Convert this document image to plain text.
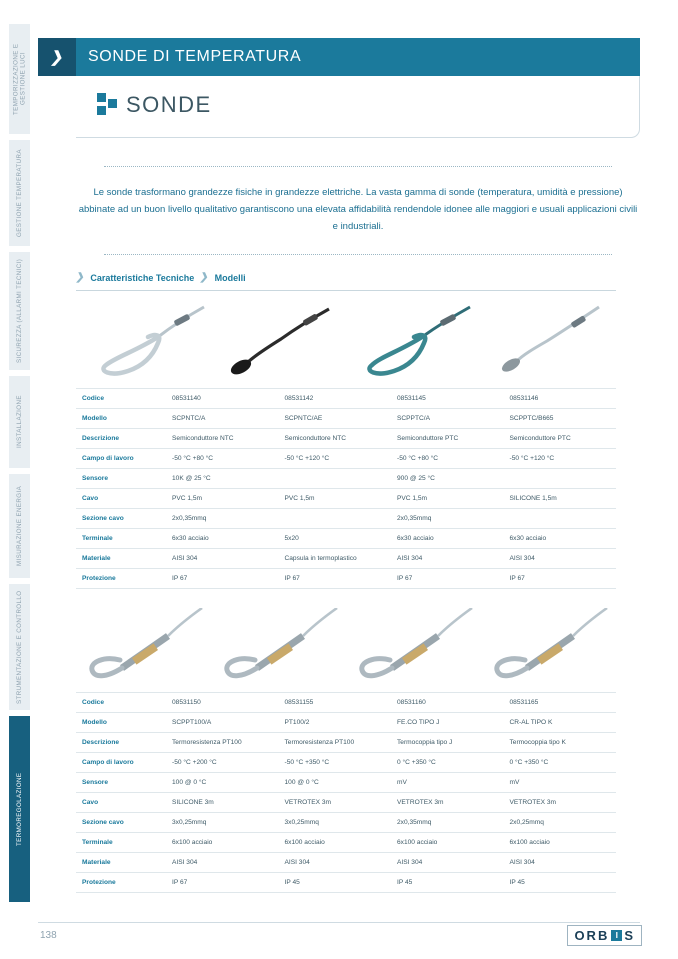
TEMPORIZZAZIONE E GESTIONE LUCI
GESTIONE TEMPERATURA
SICUREZZA (ALLARMI TECNICI)
INSTALLAZIONE
MISURAZIONE ENERGIA
STRUMENTAZIONE E CONTROLLO
TERMOREGOLAZIONE
❯ SONDE DI TEMPERATURA
SONDE
Le sonde trasformano grandezze fisiche in grandezze elettriche. La vasta gamma di sonde (temperatura, umidità e pressione) abbinate ad un buon livello qualitativo garantiscono una elevata affidabilità rendendole idonee alle maggiori e usuali applicazioni civili e industriali.
❯ Caratteristiche Tecniche ❯ Modelli
Codice	08531140	08531142	08531145	08531146
Modello	SCPNTC/A	SCPNTC/AE	SCPPTC/A	SCPPTC/B665
Descrizione	Semiconduttore NTC	Semiconduttore NTC	Semiconduttore PTC	Semiconduttore PTC
Campo di lavoro	-50 °C +80 °C	-50 °C +120 °C	-50 °C +80 °C	-50 °C +120 °C
Sensore	10K @ 25 °C		900 @ 25 °C	
Cavo	PVC 1,5m	PVC 1,5m	PVC 1,5m	SILICONE 1,5m
Sezione cavo	2x0,35mmq		2x0,35mmq	
Terminale	6x30 acciaio	5x20	6x30 acciaio	6x30 acciaio
Materiale	AISI 304	Capsula in termoplastico	AISI 304	AISI 304
Protezione	IP 67	IP 67	IP 67	IP 67
Codice	08531150	08531155	08531160	08531165
Modello	SCPPT100/A	PT100/2	FE.CO TIPO J	CR-AL TIPO K
Descrizione	Termoresistenza PT100	Termoresistenza PT100	Termocoppia tipo J	Termocoppia tipo K
Campo di lavoro	-50 °C +200 °C	-50 °C +350 °C	0 °C +350 °C	0 °C +350 °C
Sensore	100 @ 0 °C	100 @ 0 °C	mV	mV
Cavo	SILICONE 3m	VETROTEX 3m	VETROTEX 3m	VETROTEX 3m
Sezione cavo	3x0,25mmq	3x0,25mmq	2x0,35mmq	2x0,25mmq
Terminale	6x100 acciaio	6x100 acciaio	6x100 acciaio	6x100 acciaio
Materiale	AISI 304	AISI 304	AISI 304	AISI 304
Protezione	IP 67	IP 45	IP 45	IP 45
138	ORB I S
